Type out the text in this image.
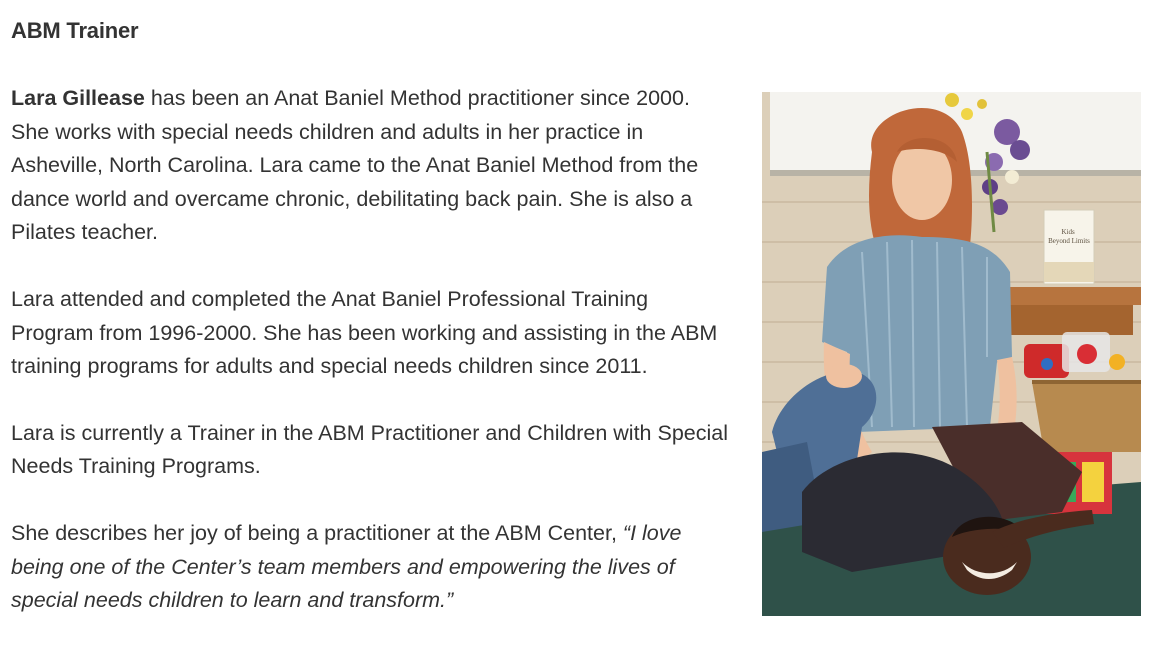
ABM Trainer

Lara Gillease has been an Anat Baniel Method practitioner since 2000. She works with special needs children and adults in her practice in Asheville, North Carolina. Lara came to the Anat Baniel Method from the dance world and overcame chronic, debilitating back pain. She is also a Pilates teacher.

Lara attended and completed the Anat Baniel Professional Training Program from 1996-2000. She has been working and assisting in the ABM training programs for adults and special needs children since 2011.

Lara is currently a Trainer in the ABM Practitioner and Children with Special Needs Training Programs.

She describes her joy of being a practitioner at the ABM Center, “I love being one of the Center’s team members and empowering the lives of special needs children to learn and transform.”

Kids Beyond Limits
